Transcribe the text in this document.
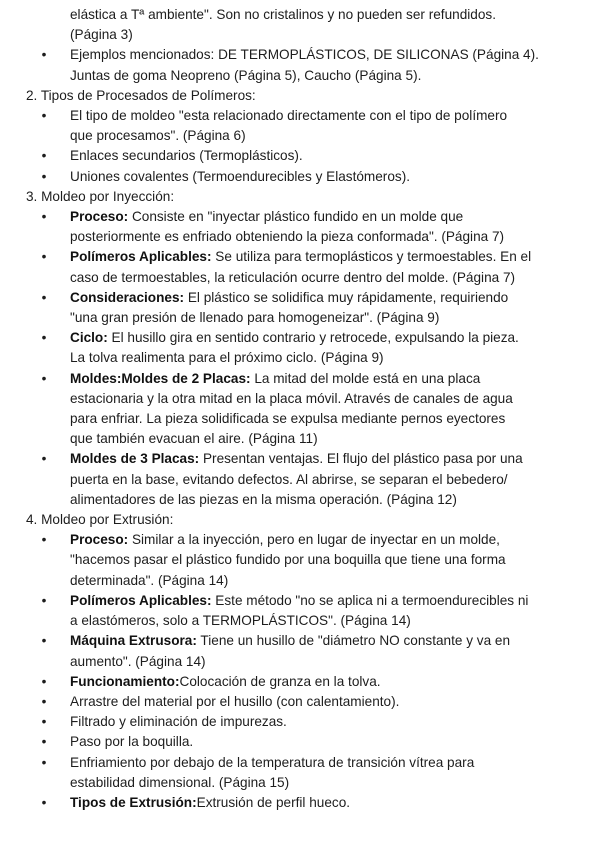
elástica a Tª ambiente". Son no cristalinos y no pueden ser refundidos.

(Página 3)

• Ejemplos mencionados: DE TERMOPLÁSTICOS, DE SILICONAS (Página 4).

Juntas de goma Neopreno (Página 5), Caucho (Página 5).

2. Tipos de Procesados de Polímeros:

• El tipo de moldeo "esta relacionado directamente con el tipo de polímero

que procesamos". (Página 6)

• Enlaces secundarios (Termoplásticos).

• Uniones covalentes (Termoendurecibles y Elastómeros).

3. Moldeo por Inyección:

• Proceso: Consiste en "inyectar plástico fundido en un molde que

posteriormente es enfriado obteniendo la pieza conformada". (Página 7)

• Polímeros Aplicables: Se utiliza para termoplásticos y termoestables. En el

caso de termoestables, la reticulación ocurre dentro del molde. (Página 7)

• Consideraciones: El plástico se solidifica muy rápidamente, requiriendo

"una gran presión de llenado para homogeneizar". (Página 9)

• Ciclo: El husillo gira en sentido contrario y retrocede, expulsando la pieza.

La tolva realimenta para el próximo ciclo. (Página 9)

• Moldes:Moldes de 2 Placas: La mitad del molde está en una placa

estacionaria y la otra mitad en la placa móvil. Através de canales de agua

para enfriar. La pieza solidificada se expulsa mediante pernos eyectores

que también evacuan el aire. (Página 11)

• Moldes de 3 Placas: Presentan ventajas. El flujo del plástico pasa por una

puerta en la base, evitando defectos. Al abrirse, se separan el bebedero/

alimentadores de las piezas en la misma operación. (Página 12)

4. Moldeo por Extrusión:

• Proceso: Similar a la inyección, pero en lugar de inyectar en un molde,

"hacemos pasar el plástico fundido por una boquilla que tiene una forma

determinada". (Página 14)

• Polímeros Aplicables: Este método "no se aplica ni a termoendurecibles ni

a elastómeros, solo a TERMOPLÁSTICOS". (Página 14)

• Máquina Extrusora: Tiene un husillo de "diámetro NO constante y va en

aumento". (Página 14)

• Funcionamiento:Colocación de granza en la tolva.

• Arrastre del material por el husillo (con calentamiento).

• Filtrado y eliminación de impurezas.

• Paso por la boquilla.

• Enfriamiento por debajo de la temperatura de transición vítrea para

estabilidad dimensional. (Página 15)

• Tipos de Extrusión:Extrusión de perfil hueco.
